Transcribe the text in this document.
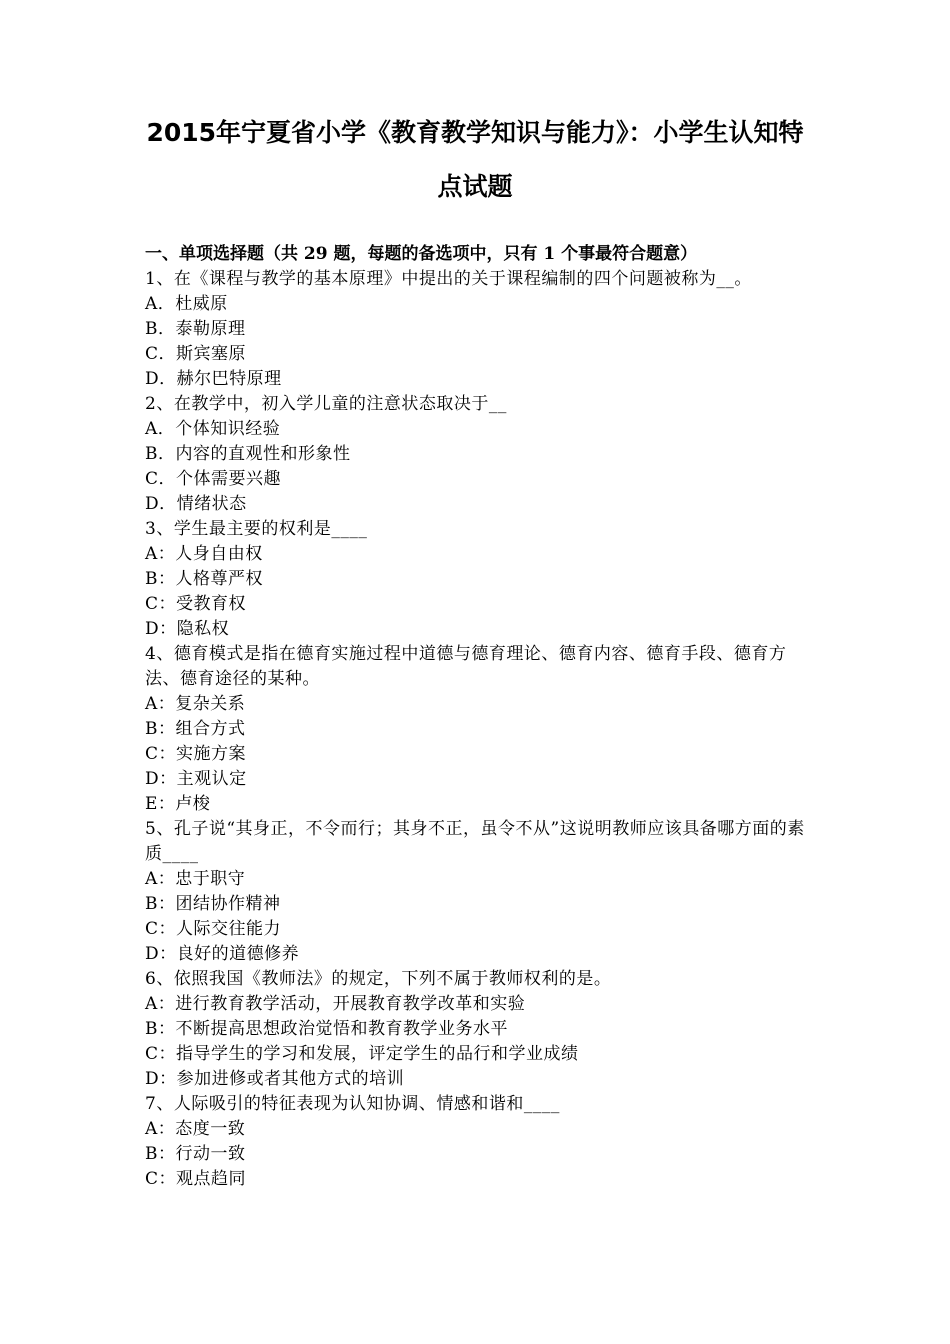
2015年宁夏省小学《教育教学知识与能力》：小学生认知特
点试题

一、单项选择题（共 29 题，每题的备选项中，只有 1 个事最符合题意）

1、在《课程与教学的基本原理》中提出的关于课程编制的四个问题被称为__。

A．杜威原

B．泰勒原理

C．斯宾塞原

D．赫尔巴特原理

2、在教学中，初入学儿童的注意状态取决于__

A．个体知识经验

B．内容的直观性和形象性

C．个体需要兴趣

D．情绪状态

3、学生最主要的权利是____

A：人身自由权

B：人格尊严权

C：受教育权

D：隐私权

4、德育模式是指在德育实施过程中道德与德育理论、德育内容、德育手段、德育方法、德育途径的某种。

A：复杂关系

B：组合方式

C：实施方案

D：主观认定

E：卢梭

5、孔子说“其身正，不令而行；其身不正，虽令不从”这说明教师应该具备哪方面的素质____

A：忠于职守

B：团结协作精神

C：人际交往能力

D：良好的道德修养

6、依照我国《教师法》的规定，下列不属于教师权利的是。

A：进行教育教学活动，开展教育教学改革和实验

B：不断提高思想政治觉悟和教育教学业务水平

C：指导学生的学习和发展，评定学生的品行和学业成绩

D：参加进修或者其他方式的培训

7、人际吸引的特征表现为认知协调、情感和谐和____

A：态度一致

B：行动一致

C：观点趋同
